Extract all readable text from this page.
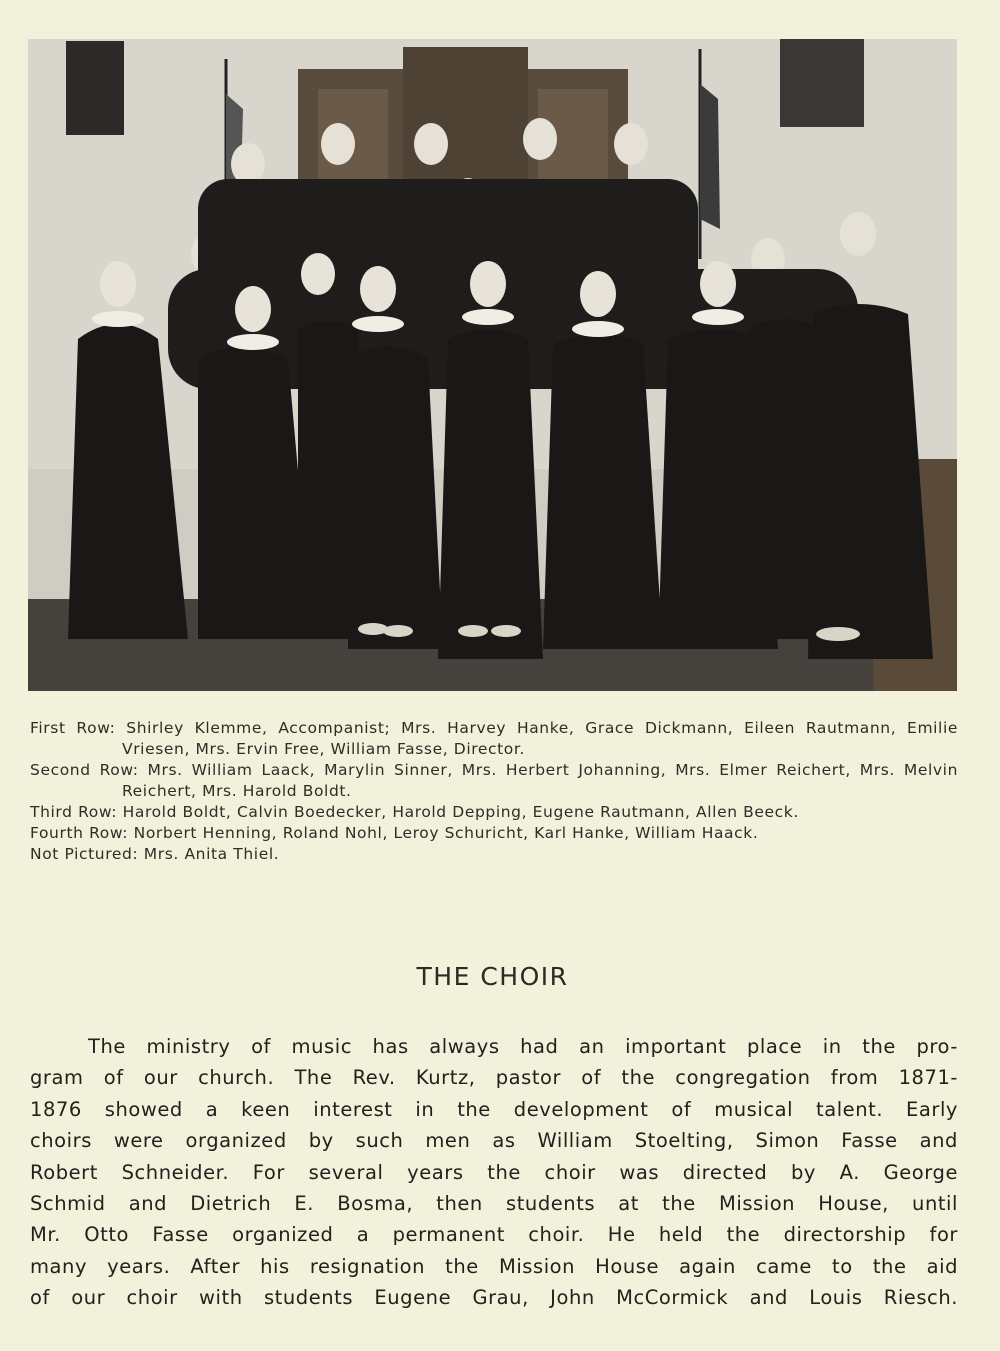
First Row: Shirley Klemme, Accompanist; Mrs. Harvey Hanke, Grace Dickmann, Eileen Rautmann, Emilie Vriesen, Mrs. Ervin Free, William Fasse, Director.
Second Row: Mrs. William Laack, Marylin Sinner, Mrs. Herbert Johanning, Mrs. Elmer Reichert, Mrs. Melvin Reichert, Mrs. Harold Boldt.
Third Row: Harold Boldt, Calvin Boedecker, Harold Depping, Eugene Rautmann, Allen Beeck.
Fourth Row: Norbert Henning, Roland Nohl, Leroy Schuricht, Karl Hanke, William Haack.
Not Pictured: Mrs. Anita Thiel.
THE CHOIR
The ministry of music has always had an important place in the pro-
gram of our church. The Rev. Kurtz, pastor of the congregation from 1871-
1876 showed a keen interest in the development of musical talent. Early
choirs were organized by such men as William Stoelting, Simon Fasse and
Robert Schneider. For several years the choir was directed by A. George
Schmid and Dietrich E. Bosma, then students at the Mission House, until
Mr. Otto Fasse organized a permanent choir. He held the directorship for
many years. After his resignation the Mission House again came to the aid
of our choir with students Eugene Grau, John McCormick and Louis Riesch.
